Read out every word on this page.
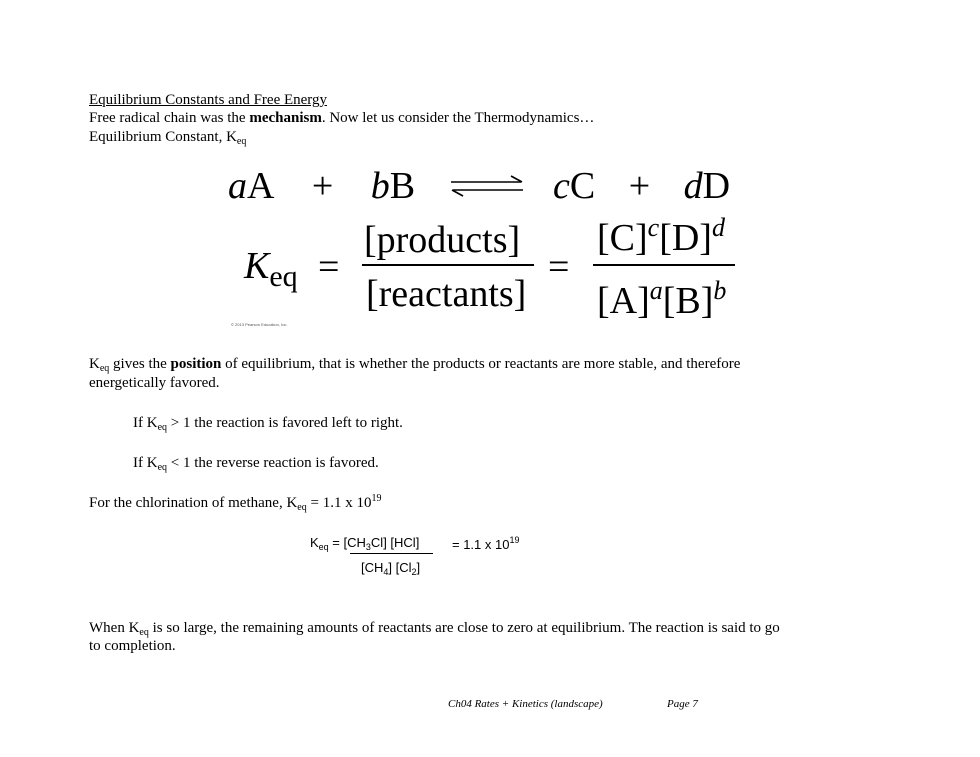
Equilibrium Constants and Free Energy
Free radical chain was the mechanism. Now let us consider the Thermodynamics…
Equilibrium Constant, $K_{eq}$
aA + bB	cC + dD
$K_{eq}$ =
[products]
[reactants]
=
$[C]^c[D]^d$
$[A]^a[B]^b$
© 2013 Pearson Education, Inc.
$K_{eq}$ gives the position of equilibrium, that is whether the products or reactants are more stable, and therefore
energetically favored.
If $K_{eq} > 1$ the reaction is favored left to right.
If $K_{eq} < 1$ the reverse reaction is favored.
For the chlorination of methane, $K_{eq} = 1.1$ x $10^{19}$
$K_{eq} = [CH_3Cl]$ [HCl]
$[CH_4]$ $[Cl_2]$
= 1.1 x $10^{19}$
When $K_{eq}$ is so large, the remaining amounts of reactants are close to zero at equilibrium. The reaction is said to go
to completion.
Ch04 Rates + Kinetics (landscape)	Page 7
